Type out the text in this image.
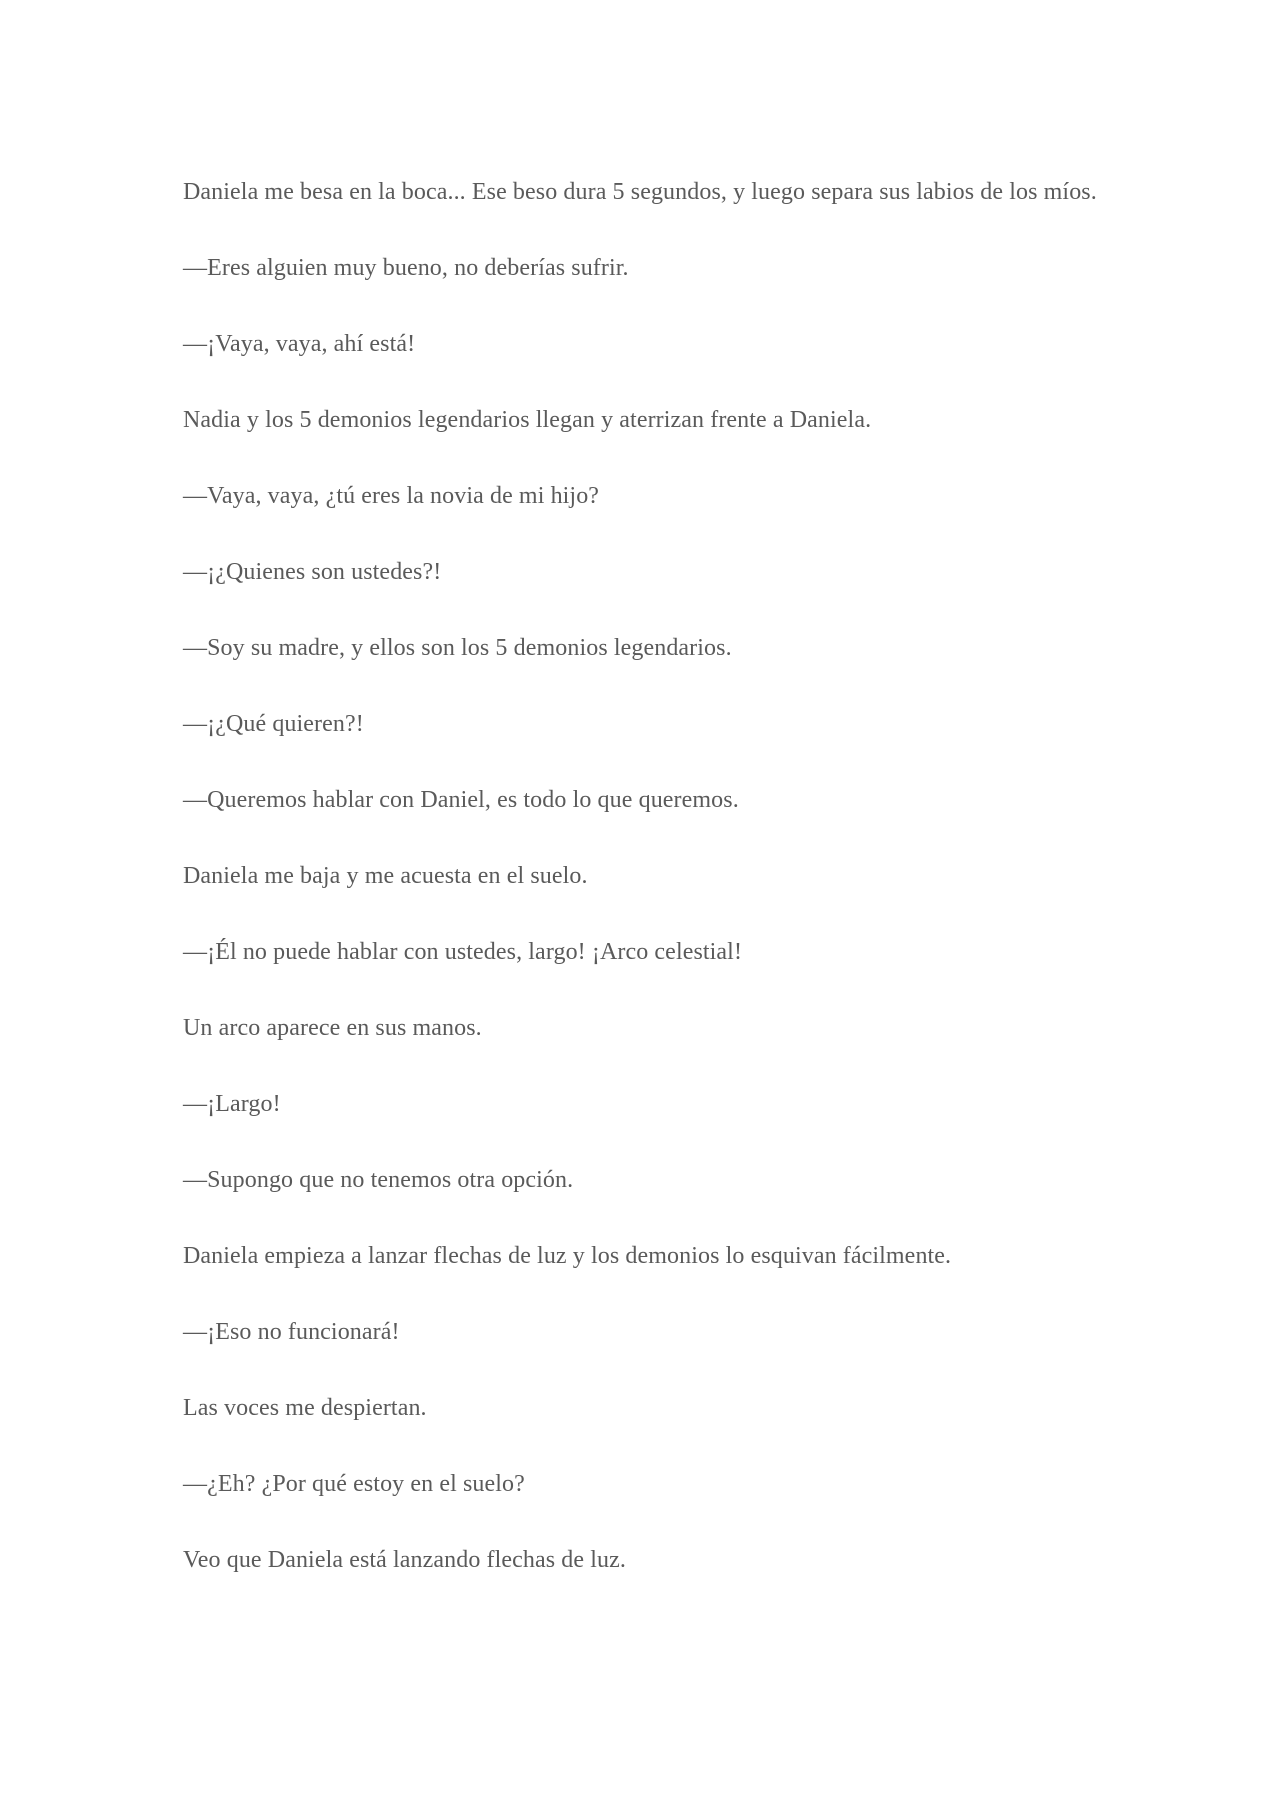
Daniela me besa en la boca... Ese beso dura 5 segundos, y luego separa sus labios de los míos.

—Eres alguien muy bueno, no deberías sufrir.

—¡Vaya, vaya, ahí está!

Nadia y los 5 demonios legendarios llegan y aterrizan frente a Daniela.

—Vaya, vaya, ¿tú eres la novia de mi hijo?

—¡¿Quienes son ustedes?!

—Soy su madre, y ellos son los 5 demonios legendarios.

—¡¿Qué quieren?!

—Queremos hablar con Daniel, es todo lo que queremos.

Daniela me baja y me acuesta en el suelo.

—¡Él no puede hablar con ustedes, largo! ¡Arco celestial!

Un arco aparece en sus manos.

—¡Largo!

—Supongo que no tenemos otra opción.

Daniela empieza a lanzar flechas de luz y los demonios lo esquivan fácilmente.

—¡Eso no funcionará!

Las voces me despiertan.

—¿Eh? ¿Por qué estoy en el suelo?

Veo que Daniela está lanzando flechas de luz.
